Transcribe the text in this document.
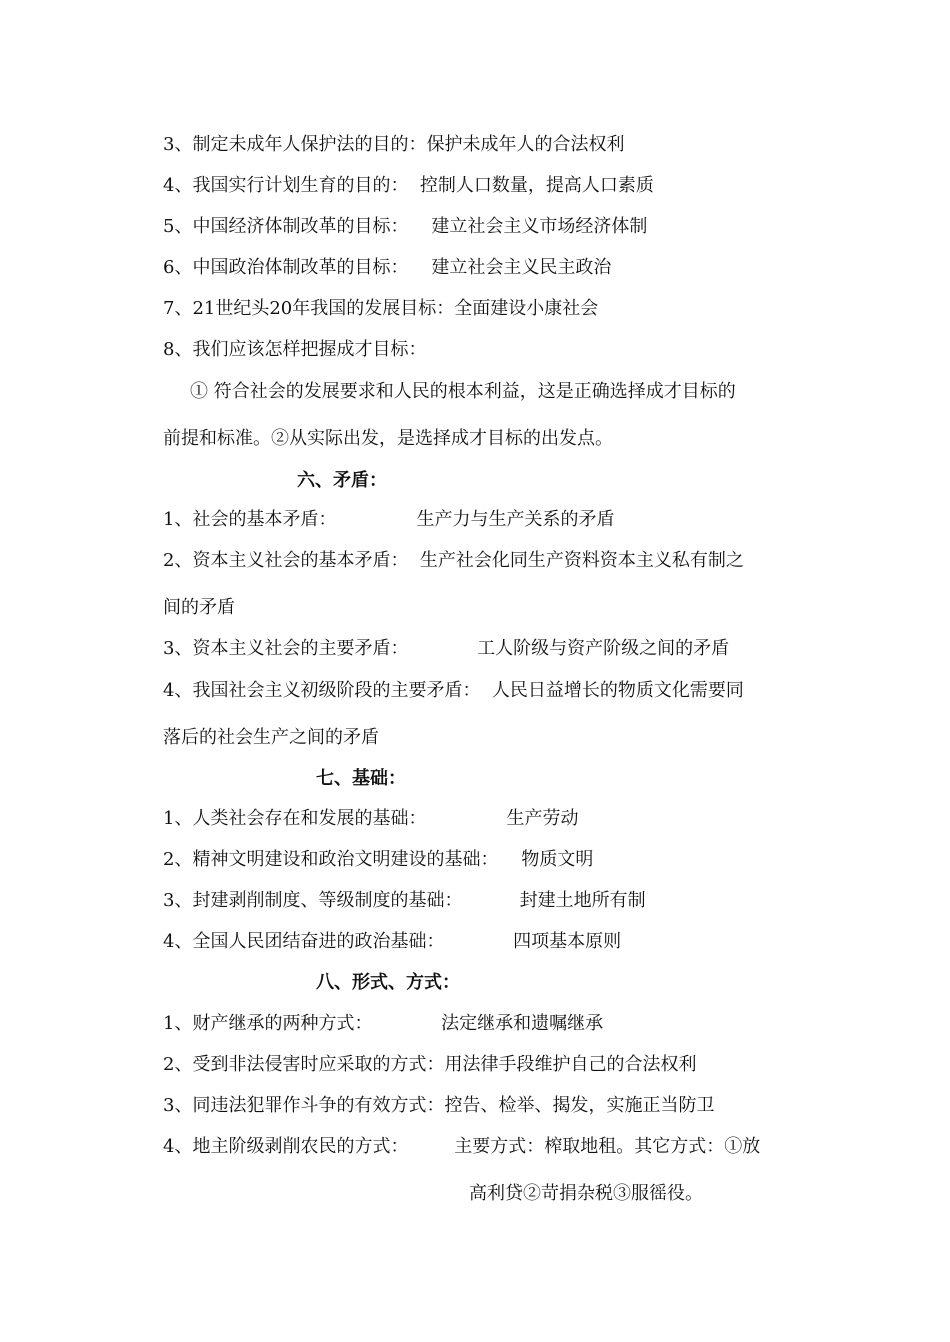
3、制定未成年人保护法的目的：保护未成年人的合法权利
4、我国实行计划生育的目的：  控制人口数量，提高人口素质
5、中国经济体制改革的目标：    建立社会主义市场经济体制
6、中国政治体制改革的目标：    建立社会主义民主政治
7、21世纪头20年我国的发展目标：全面建设小康社会
8、我们应该怎样把握成才目标：
① 符合社会的发展要求和人民的根本利益，这是正确选择成才目标的
前提和标准。②从实际出发，是选择成才目标的出发点。
六、矛盾：
1、社会的基本矛盾：              生产力与生产关系的矛盾
2、资本主义社会的基本矛盾：  生产社会化同生产资料资本主义私有制之
间的矛盾
3、资本主义社会的主要矛盾：            工人阶级与资产阶级之间的矛盾
4、我国社会主义初级阶段的主要矛盾：  人民日益增长的物质文化需要同
落后的社会生产之间的矛盾
七、基础：
1、人类社会存在和发展的基础：              生产劳动
2、精神文明建设和政治文明建设的基础：    物质文明
3、封建剥削制度、等级制度的基础：          封建土地所有制
4、全国人民团结奋进的政治基础：            四项基本原则
八、形式、方式：
1、财产继承的两种方式：            法定继承和遗嘱继承
2、受到非法侵害时应采取的方式：用法律手段维护自己的合法权利
3、同违法犯罪作斗争的有效方式：控告、检举、揭发，实施正当防卫
4、地主阶级剥削农民的方式：        主要方式：榨取地租。其它方式：①放
高利贷②苛捐杂税③服徭役。
